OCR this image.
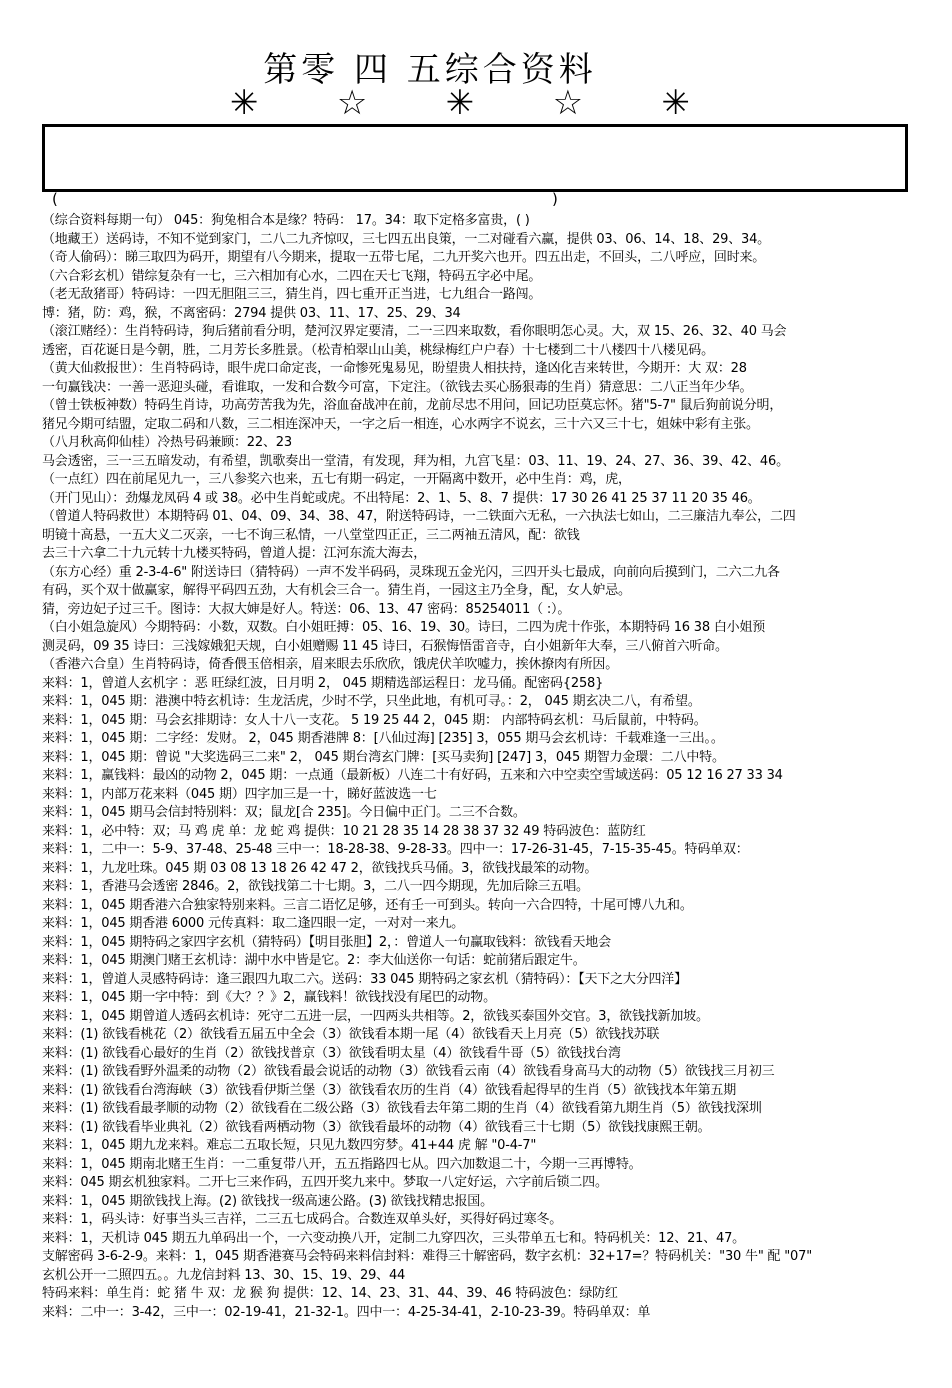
第零 四 五综合资料
✳ ☆ ✳ ☆ ✳
(	)
（综合资料每期一句） 045：狗兔相合本是缘？特码： 17。34：取下定格多富贵，( )
（地藏王）送码诗，不知不觉到家门，二八二九齐惊叹，三七四五出良策，一二对碰看六赢，提供 03、06、14、18、29、34。
（奇人偷码）：睇三取四为码开，期望有八今期来，提取一五带七尾，二九开奖六也开。四五出走，不回头，二八呼应，回时来。
（六合彩玄机）错综复杂有一七，三六相加有心水，二四在天七飞翔，特码五字必中尾。
（老无敌猪哥）特码诗：一四无胆阻三三，猜生肖，四七重开正当进，七九组合一路闯。
博：猪，防：鸡，猴，不离密码：2794 提供 03、11、17、25、29、34
（滚江赌经）：生肖特码诗，狗后猪前看分明，楚河汉界定要清，二一三四来取数，看你眼明怎心灵。大，双 15、26、32、40 马会
透密，百花诞日是今朝，胜，二月芳长多胜景。（松青柏翠山山美，桃绿梅红户户春）十七楼到二十八楼四十八楼见码。
（黄大仙救报世）：生肖特码诗，眼牛虎口命定丧，一命惨死鬼易见，盼望贵人相扶持，逢凶化吉来转世，今期开：大 双：28
一句赢钱决：一善一恶迎头碰，看谁取，一发和合数今可富，下定注。（欲钱去买心肠狠毒的生肖）猜意思：二八正当年少华。
（曾士铁板神数）特码生肖诗，功高劳苦我为先，浴血奋战冲在前，龙前尽忠不用问，回记功臣莫忘怀。猪"5-7" 鼠后狗前说分明，
猪兄今期可结盟，定取二码和八数，三二相连深冲天，一字之后一相连，心水两字不说玄，三十六又三十七，姐妹中彩有主张。
（八月秋高仰仙桂）冷热号码兼顾：22、23
马会透密，三一三五暗发动，有希望，凯歌奏出一堂清，有发现，拜为相，九宫飞星：03、11、19、24、27、36、39、42、46。
（一点红）四在前尾见九一，三八参奖六也来，五七有期一码定，一开隔离中数开，必中生肖：鸡，虎，
（开门见山）：劲爆龙凤码 4 或 38。必中生肖蛇或虎。不出特尾：2、1、5、8、7 提供：17 30 26 41 25 37 11 20 35 46。
（曾道人特码救世）本期特码 01、04、09、34、38、47，附送特码诗，一二铁面六无私，一六执法七如山，二三廉洁九奉公，二四
明镜十高悬，一五大义二灭亲，一七不询三私情，一八堂堂四正正，三二两袖五清风，配：欲钱
去三十六拿二十九元转十九楼买特码，曾道人提：江河东流大海去，
（东方心经）重 2-3-4-6" 附送诗曰（猜特码）一声不发半码码，灵珠现五金光闪，三四开头七最成，向前向后摸到门，二六二九各
有码，买个双十做赢家，解得平码四五劲，大有机会三合一。猜生肖，一园这主乃全身，配，女人妒忌。
猜，旁边妃子过三千。图诗：大叔大婶是好人。特送：06、13、47 密码：85254011（ :）。
（白小姐急旋风）今期特码：小数，双数。白小姐旺搏：05、16、19、30。诗曰，二四为虎十作张，本期特码 16 38 白小姐预
测灵码，09 35 诗曰：三浅嫁娥犯天规，白小姐赠赐 11 45 诗曰，石猴悔悟雷音寺，白小姐新年大奉，三八俯首六听命。
（香港六合皇）生肖特码诗，倚香偎玉倍相亲，眉来眼去乐欣欣，饿虎伏羊吹嘘力，挨休撩肉有所因。
来料：1，曾道人玄机字 ：恶 旺绿红波，日月明 2， 045 期精选部运程日：龙马俑。配密码{258}
来料：1，045 期：港澳中特玄机诗：生龙活虎，少时不学，只坐此地，有机可寻。：2， 045 期玄决二八，有希望。
来料：1，045 期：马会玄排期诗：女人十八一支花。 5 19 25 44 2，045 期： 内部特码玄机：马后鼠前，中特码。
来料：1，045 期：二字经：发财。 2，045 期香港牌 8：[八仙过海] [235] 3，055 期马会玄机诗：千载难逢一三出。。
来料：1，045 期：曾说 "大奖选码三二来" 2， 045 期台湾玄门牌：[买马卖狗] [247] 3，045 期智力金環：二八中特。
来料：1，赢钱料：最凶的动物 2，045 期：一点通（最新板）八连二十有好码，五来和六中空卖空雪域送码：05 12 16 27 33 34
来料：1，内部万花来料（045 期）四字加三是一十，睇好蓝波选一七
来料：1，045 期马会信封特别料：双；鼠龙[合 235]。今日偏中正门。二三不合数。
来料：1，必中特：双；马 鸡 虎 单：龙 蛇 鸡 提供：10 21 28 35 14 28 38 37 32 49 特码波色：蓝防红
来料：1，二中一：5-9、37-48、25-48 三中一：18-28-38、9-28-33。四中一：17-26-31-45，7-15-35-45。特码单双：
来料：1，九龙吐珠。045 期 03 08 13 18 26 42 47 2，欲钱找兵马俑。3，欲钱找最笨的动物。
来料：1，香港马会透密 2846。2，欲钱找第二十七期。3，二八一四今期现，先加后除三五唱。
来料：1，045 期香港六合独家特别来料。三言二语忆足够，还有壬一可到头。转向一六合四特，十尾可博八九和。
来料：1，045 期香港 6000 元传真料：取二逢四眼一定，一对对一来九。
来料：1，045 期特码之家四字玄机（猜特码）【明目张胆】2，：曾道人一句赢取钱料：欲钱看天地会
来料：1，045 期澳门赌王玄机诗：湖中水中皆是它。2：李大仙送你一句话：蛇前猪后跟定牛。
来料：1，曾道人灵感特码诗：逢三跟四九取二六。送码：33 045 期特码之家玄机（猜特码）：【天下之大分四洋】
来料：1，045 期一字中特：到《大？？》2，赢钱料！欲钱找没有尾巴的动物。
来料：1，045 期曾道人透码玄机诗：死守二五进一层，一四两头共相等。2，欲钱买泰国外交官。3，欲钱找新加坡。
来料：(1) 欲钱看桃花（2）欲钱看五届五中全会（3）欲钱看本期一尾（4）欲钱看天上月亮（5）欲钱找苏联
来料：(1) 欲钱看心最好的生肖（2）欲钱找普京（3）欲钱看明太星（4）欲钱看牛哥（5）欲钱找台湾
来料：(1) 欲钱看野外温柔的动物（2）欲钱看最会说话的动物（3）欲钱看云南（4）欲钱看身高马大的动物（5）欲钱找三月初三
来料：(1) 欲钱看台湾海峡（3）欲钱看伊斯兰堡（3）欲钱看农历的生肖（4）欲钱看起得早的生肖（5）欲钱找本年第五期
来料：(1) 欲钱看最孝顺的动物（2）欲钱看在二级公路（3）欲钱看去年第二期的生肖（4）欲钱看第九期生肖（5）欲钱找深圳
来料：(1) 欲钱看毕业典礼（2）欲钱看两栖动物（3）欲钱看最坏的动物（4）欲钱看三十七期（5）欲钱找康熙王朝。
来料：1，045 期九龙来料。难忘二五取长短，只见九数四穷梦。41+44 虎 解 "0-4-7"
来料：1，045 期南北赌王生肖：一二重复带八开，五五指路四七从。四六加数退二十，今期一三再博特。
来料：045 期玄机独家料。二开七三来作码，五四开奖九来中。梦取一八定好运，六字前后锁二四。
来料：1，045 期欲钱找上海。(2) 欲钱找一级高速公路。(3) 欲钱找精忠报国。
来料：1，码头诗：好事当头三吉祥，二三五七成码合。合数连双单头好，买得好码过寒冬。
来料：1，天机诗 045 期五九单码出一个，一六变动换八开，定制二九穿四次，三头带单五七和。特码机关：12、21、47。
支解密码 3-6-2-9。来料：1，045 期香港赛马会特码来料信封料：难得三十解密码，数字玄机：32+17=？特码机关："30 牛" 配 "07"
玄机公开一二照四五。。九龙信封料 13、30、15、19、29、44
特码来料：单生肖：蛇 猪 牛 双：龙 猴 狗 提供：12、14、23、31、44、39、46 特码波色：绿防红
来料：二中一：3-42，三中一：02-19-41，21-32-1。四中一：4-25-34-41，2-10-23-39。特码单双：单
